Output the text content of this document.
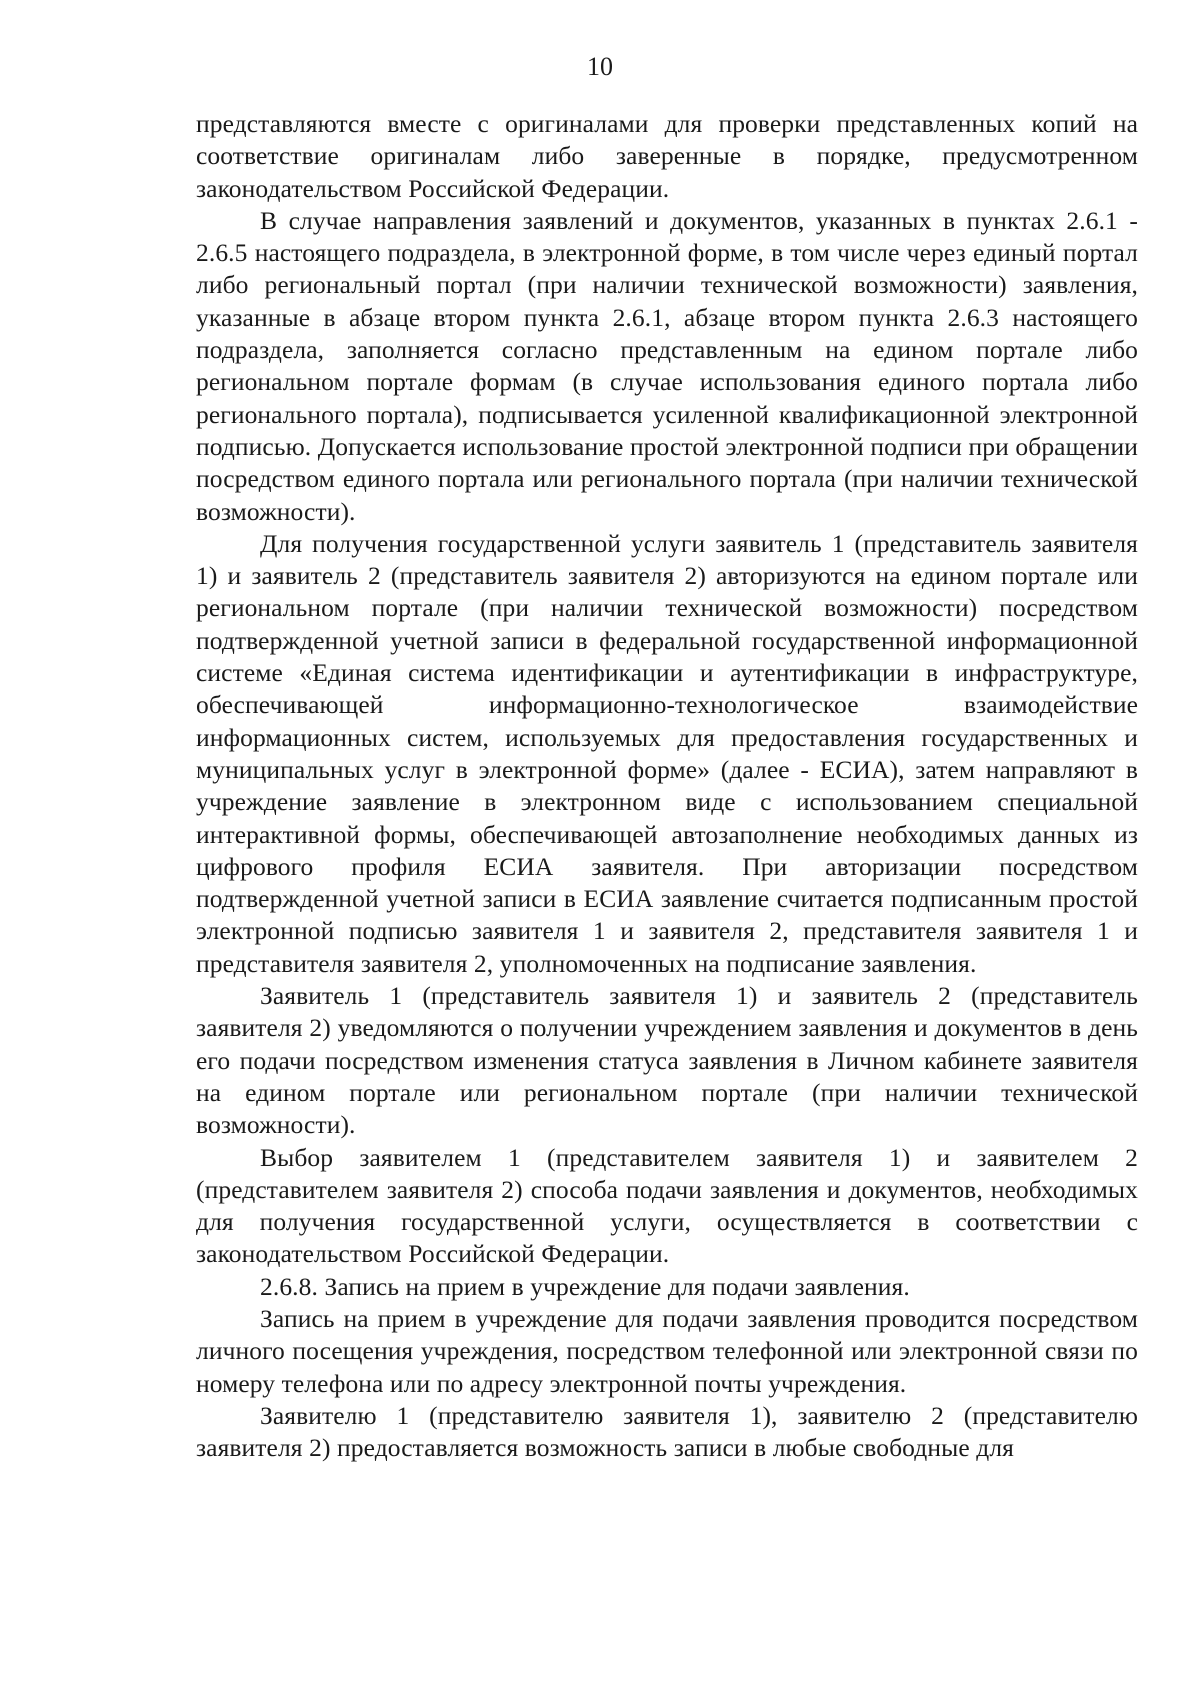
10

представляются вместе с оригиналами для проверки представленных копий на соответствие оригиналам либо заверенные в порядке, предусмотренном законодательством Российской Федерации.

В случае направления заявлений и документов, указанных в пунктах 2.6.1 - 2.6.5 настоящего подраздела, в электронной форме, в том числе через единый портал либо региональный портал (при наличии технической возможности) заявления, указанные в абзаце втором пункта 2.6.1, абзаце втором пункта 2.6.3 настоящего подраздела, заполняется согласно представленным на едином портале либо региональном портале формам (в случае использования единого портала либо регионального портала), подписывается усиленной квалификационной электронной подписью. Допускается использование простой электронной подписи при обращении посредством единого портала или регионального портала (при наличии технической возможности).

Для получения государственной услуги заявитель 1 (представитель заявителя 1) и заявитель 2 (представитель заявителя 2) авторизуются на едином портале или региональном портале (при наличии технической возможности) посредством подтвержденной учетной записи в федеральной государственной информационной системе «Единая система идентификации и аутентификации в инфраструктуре, обеспечивающей информационно-технологическое взаимодействие информационных систем, используемых для предоставления государственных и муниципальных услуг в электронной форме» (далее - ЕСИА), затем направляют в учреждение заявление в электронном виде с использованием специальной интерактивной формы, обеспечивающей автозаполнение необходимых данных из цифрового профиля ЕСИА заявителя. При авторизации посредством подтвержденной учетной записи в ЕСИА заявление считается подписанным простой электронной подписью заявителя 1 и заявителя 2, представителя заявителя 1 и представителя заявителя 2, уполномоченных на подписание заявления.

Заявитель 1 (представитель заявителя 1) и заявитель 2 (представитель заявителя 2) уведомляются о получении учреждением заявления и документов в день его подачи посредством изменения статуса заявления в Личном кабинете заявителя на едином портале или региональном портале (при наличии технической возможности).

Выбор заявителем 1 (представителем заявителя 1) и заявителем 2 (представителем заявителя 2) способа подачи заявления и документов, необходимых для получения государственной услуги, осуществляется в соответствии с законодательством Российской Федерации.

2.6.8. Запись на прием в учреждение для подачи заявления.

Запись на прием в учреждение для подачи заявления проводится посредством личного посещения учреждения, посредством телефонной или электронной связи по номеру телефона или по адресу электронной почты учреждения.

Заявителю 1 (представителю заявителя 1), заявителю 2 (представителю заявителя 2) предоставляется возможность записи в любые свободные для
